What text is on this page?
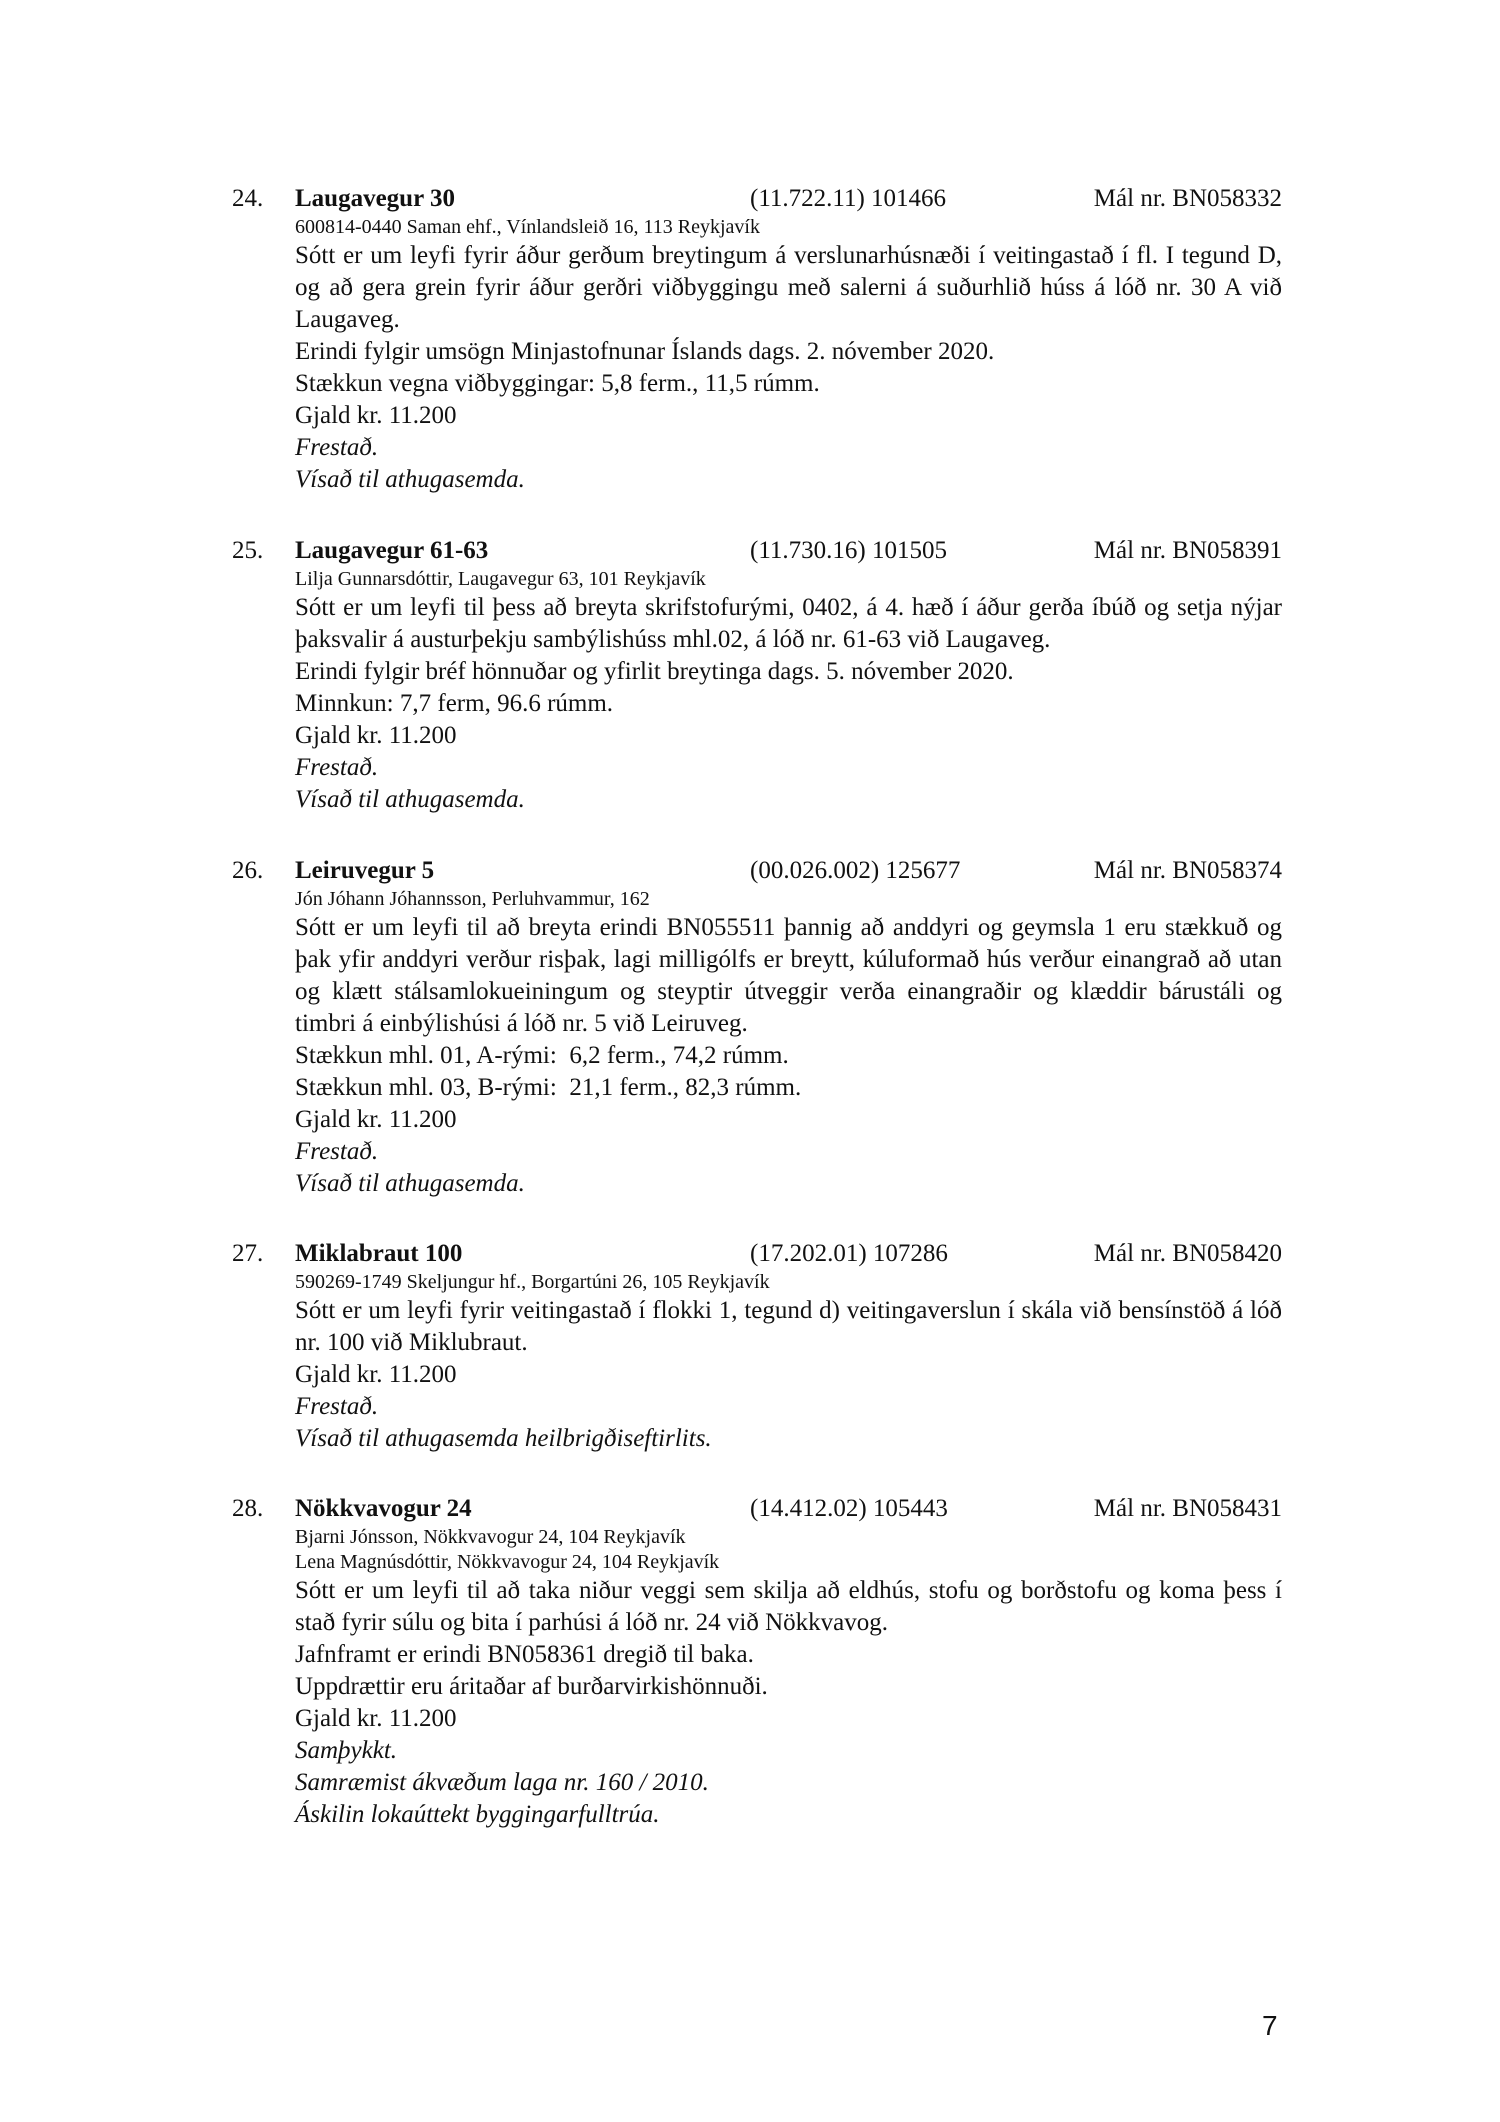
24. Laugavegur 30	(11.722.11) 101466	Mál nr. BN058332
600814-0440 Saman ehf., Vínlandsleið 16, 113 Reykjavík
Sótt er um leyfi fyrir áður gerðum breytingum á verslunarhúsnæði í veitingastað í fl. I tegund D, og að gera grein fyrir áður gerðri viðbyggingu með salerni á suðurhlið húss á lóð nr. 30 A við Laugaveg.
Erindi fylgir umsögn Minjastofnunar Íslands dags. 2. nóvember 2020.
Stækkun vegna viðbyggingar: 5,8 ferm., 11,5 rúmm.
Gjald kr. 11.200
Frestað.
Vísað til athugasemda.
25. Laugavegur 61-63	(11.730.16) 101505	Mál nr. BN058391
Lilja Gunnarsdóttir, Laugavegur 63, 101 Reykjavík
Sótt er um leyfi til þess að breyta skrifstofurými, 0402, á 4. hæð í áður gerða íbúð og setja nýjar þaksvalir á austurþekju sambýlishúss mhl.02, á lóð nr. 61-63 við Laugaveg.
Erindi fylgir bréf hönnuðar og yfirlit breytinga dags. 5. nóvember 2020.
Minnkun: 7,7 ferm, 96.6 rúmm.
Gjald kr. 11.200
Frestað.
Vísað til athugasemda.
26. Leiruvegur 5	(00.026.002) 125677	Mál nr. BN058374
Jón Jóhann Jóhannsson, Perluhvammur, 162
Sótt er um leyfi til að breyta erindi BN055511 þannig að anddyri og geymsla 1 eru stækkuð og þak yfir anddyri verður risþak, lagi milligólfs er breytt, kúluformað hús verður einangrað að utan og klætt stálsamlokueiningum og steyptir útveggir verða einangraðir og klæddir bárustáli og timbri á einbýlishúsi á lóð nr. 5 við Leiruveg.
Stækkun mhl. 01, A-rými:  6,2 ferm., 74,2 rúmm.
Stækkun mhl. 03, B-rými:  21,1 ferm., 82,3 rúmm.
Gjald kr. 11.200
Frestað.
Vísað til athugasemda.
27. Miklabraut 100	(17.202.01) 107286	Mál nr. BN058420
590269-1749 Skeljungur hf., Borgartúni 26, 105 Reykjavík
Sótt er um leyfi fyrir veitingastað í flokki 1, tegund d) veitingaverslun í skála við bensínstöð á lóð nr. 100 við Miklubraut.
Gjald kr. 11.200
Frestað.
Vísað til athugasemda heilbrigðiseftirlits.
28. Nökkvavogur 24	(14.412.02) 105443	Mál nr. BN058431
Bjarni Jónsson, Nökkvavogur 24, 104 Reykjavík
Lena Magnúsdóttir, Nökkvavogur 24, 104 Reykjavík
Sótt er um leyfi til að taka niður veggi sem skilja að eldhús, stofu og borðstofu og koma þess í stað fyrir súlu og bita í parhúsi á lóð nr. 24 við Nökkvavog.
Jafnframt er erindi BN058361 dregið til baka.
Uppdrættir eru áritaðar af burðarvirkishönnuði.
Gjald kr. 11.200
Samþykkt.
Samræmist ákvæðum laga nr. 160 / 2010.
Áskilin lokaúttekt byggingarfulltrúa.
7
